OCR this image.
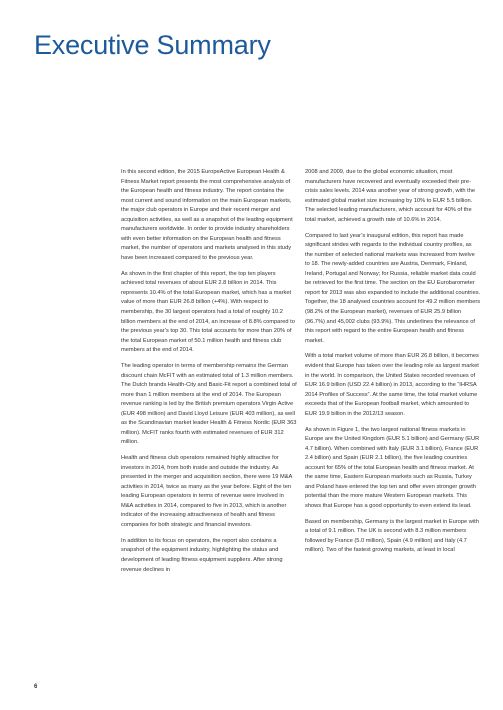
Executive Summary

In this second edition, the 2015 EuropeActive European Health & Fitness Market report presents the most comprehensive analysis of the European health and fitness industry. The report contains the most current and sound information on the main European markets, the major club operators in Europe and their recent merger and acquisition activities, as well as a snapshot of the leading equipment manufacturers worldwide. In order to provide industry shareholders with even better information on the European health and fitness market, the number of operators and markets analysed in this study have been increased compared to the previous year.

As shown in the first chapter of this report, the top ten players achieved total revenues of about EUR 2.8 billion in 2014. This represents 10.4% of the total European market, which has a market value of more than EUR 26.8 billion (+4%). With respect to membership, the 30 largest operators had a total of roughly 10.2 billion members at the end of 2014, an increase of 8.8% compared to the previous year’s top 30. This total accounts for more than 20% of the total European market of 50.1 million health and fitness club members at the end of 2014.

The leading operator in terms of membership remains the German discount chain McFIT with an estimated total of 1.3 million members. The Dutch brands Health-City and Basic-Fit report a combined total of more than 1 million members at the end of 2014. The European revenue ranking is led by the British premium operators Virgin Active (EUR 498 million) and David Lloyd Leisure (EUR 403 million), as well as the Scandinavian market leader Health & Fitness Nordic (EUR 363 million). McFIT ranks fourth with estimated revenues of EUR 312 million.

Health and fitness club operators remained highly attractive for investors in 2014, from both inside and outside the industry. As presented in the merger and acquisition section, there were 19 M&A activities in 2014, twice as many as the year before. Eight of the ten leading European operators in terms of revenue were involved in M&A activities in 2014, compared to five in 2013, which is another indicator of the increasing attractiveness of health and fitness companies for both strategic and financial investors.

In addition to its focus on operators, the report also contains a snapshot of the equipment industry, highlighting the status and development of leading fitness equipment suppliers. After strong revenue declines in

2008 and 2009, due to the global economic situation, most manufacturers have recovered and eventually exceeded their pre-crisis sales levels. 2014 was another year of strong growth, with the estimated global market size increasing by 10% to EUR 5.5 billion. The selected leading manufacturers, which account for 40% of the total market, achieved a growth rate of 10.6% in 2014.

Compared to last year’s inaugural edition, this report has made significant strides with regards to the individual country profiles, as the number of selected national markets was increased from twelve to 18. The newly-added countries are Austria, Denmark, Finland, Ireland, Portugal and Norway; for Russia, reliable market data could be retrieved for the first time. The section on the EU Eurobarometer report for 2013 was also expanded to include the additional countries. Together, the 18 analysed countries account for 49.2 million members (98.2% of the European market), revenues of EUR 25.9 billion (96.7%) and 45,002 clubs (93.9%). This underlines the relevance of this report with regard to the entire European health and fitness market.

With a total market volume of more than EUR 26.8 billion, it becomes evident that Europe has taken over the leading role as largest market in the world. In comparison, the United States recorded revenues of EUR 16.9 billion (USD 22.4 billion) in 2013, according to the “IHRSA 2014 Profiles of Success”. At the same time, the total market volume exceeds that of the European football market, which amounted to EUR 19.9 billion in the 2012/13 season.

As shown in Figure 1, the two largest national fitness markets in Europe are the United Kingdom (EUR 5.1 billion) and Germany (EUR 4.7 billion). When combined with Italy (EUR 3.1 billion), France (EUR 2.4 billion) and Spain (EUR 2.1 billion), the five leading countries account for 65% of the total European health and fitness market. At the same time, Eastern European markets such as Russia, Turkey and Poland have entered the top ten and offer even stronger growth potential than the more mature Western European markets. This shows that Europe has a good opportunity to even extend its lead.

Based on membership, Germany is the largest market in Europe with a total of 9.1 million. The UK is second with 8.3 million members followed by France (5.0 million), Spain (4.9 million) and Italy (4.7 million). Two of the fastest growing markets, at least in local

6
